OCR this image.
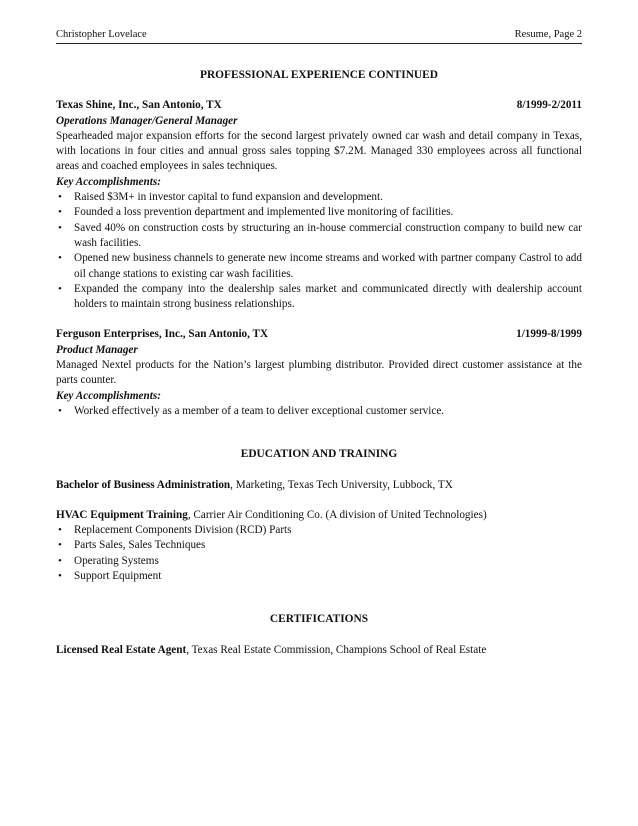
Christopher Lovelace	Resume, Page 2
PROFESSIONAL EXPERIENCE CONTINUED
Texas Shine, Inc., San Antonio, TX	8/1999-2/2011
Operations Manager/General Manager
Spearheaded major expansion efforts for the second largest privately owned car wash and detail company in Texas, with locations in four cities and annual gross sales topping $7.2M. Managed 330 employees across all functional areas and coached employees in sales techniques.
Key Accomplishments:
• Raised $3M+ in investor capital to fund expansion and development.
• Founded a loss prevention department and implemented live monitoring of facilities.
• Saved 40% on construction costs by structuring an in-house commercial construction company to build new car wash facilities.
• Opened new business channels to generate new income streams and worked with partner company Castrol to add oil change stations to existing car wash facilities.
• Expanded the company into the dealership sales market and communicated directly with dealership account holders to maintain strong business relationships.
Ferguson Enterprises, Inc., San Antonio, TX	1/1999-8/1999
Product Manager
Managed Nextel products for the Nation’s largest plumbing distributor. Provided direct customer assistance at the parts counter.
Key Accomplishments:
• Worked effectively as a member of a team to deliver exceptional customer service.
EDUCATION AND TRAINING
Bachelor of Business Administration, Marketing, Texas Tech University, Lubbock, TX
HVAC Equipment Training, Carrier Air Conditioning Co. (A division of United Technologies)
• Replacement Components Division (RCD) Parts
• Parts Sales, Sales Techniques
• Operating Systems
• Support Equipment
CERTIFICATIONS
Licensed Real Estate Agent, Texas Real Estate Commission, Champions School of Real Estate
